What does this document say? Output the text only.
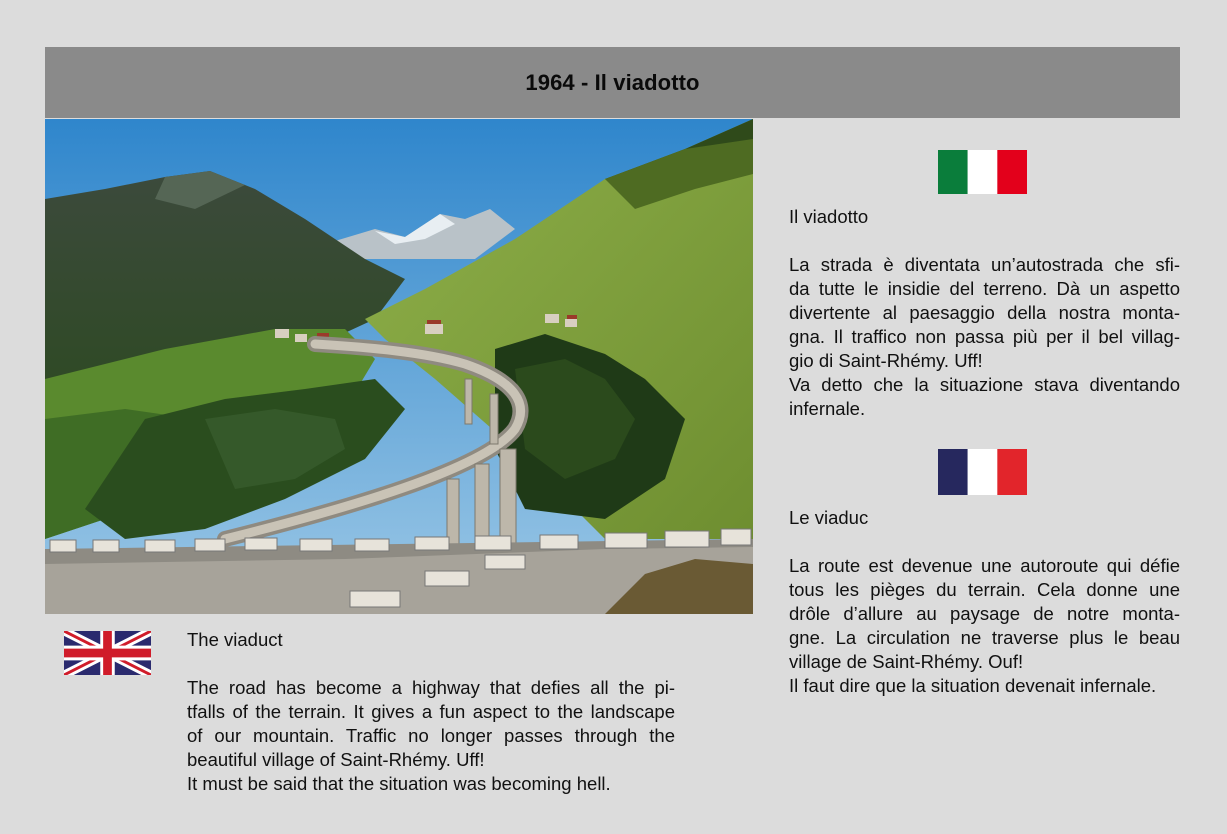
1964 - Il viadotto

The viaduct

The road has become a highway that defies all the pi-
tfalls of the terrain. It gives a fun aspect to the landscape
of our mountain. Traffic no longer passes through the
beautiful village of Saint-Rhémy. Uff!
It must be said that the situation was becoming hell.

Il viadotto

La strada è diventata un’autostrada che sfi-
da tutte le insidie del terreno. Dà un aspetto
divertente al paesaggio della nostra monta-
gna. Il traffico non passa più per il bel villag-
gio di Saint-Rhémy. Uff!
Va detto che la situazione stava diventando
infernale.

Le viaduc

La route est devenue une autoroute qui défie
tous les pièges du terrain. Cela donne une
drôle d’allure au paysage de notre monta-
gne. La circulation ne traverse plus le beau
village de Saint-Rhémy. Ouf!
Il faut dire que la situation devenait infernale.
